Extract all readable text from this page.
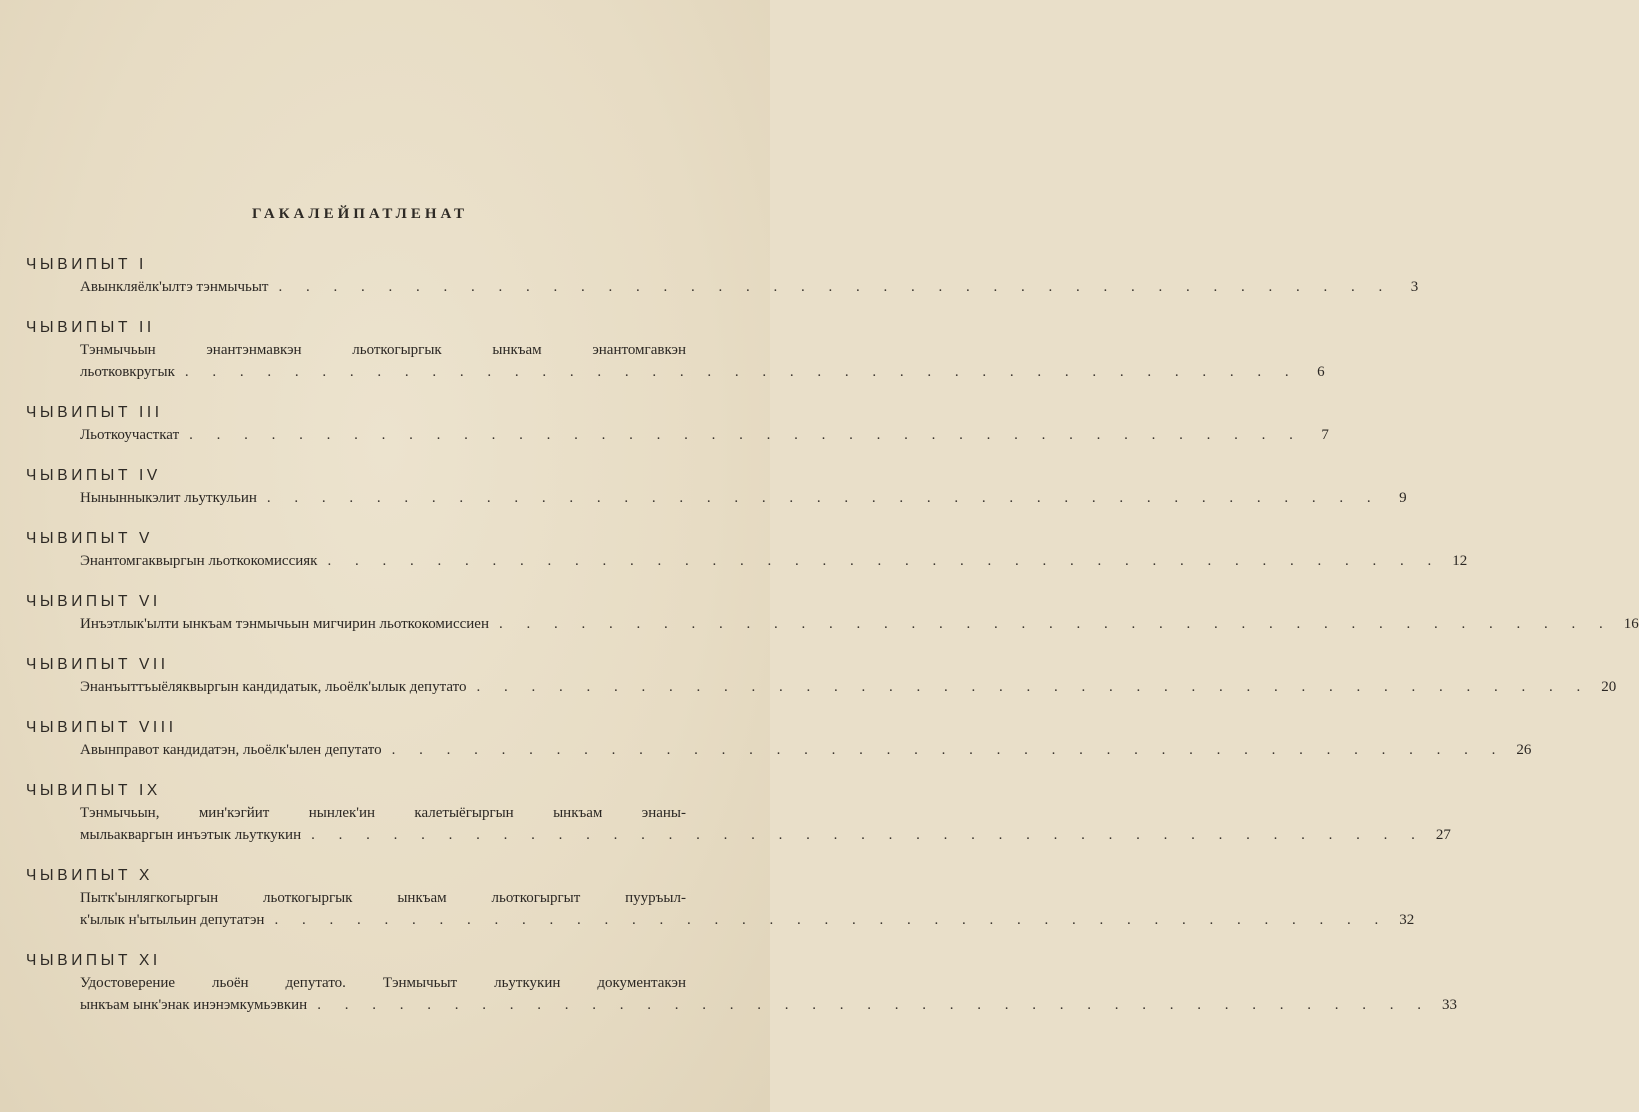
ГАКАЛЕЙПАТЛЕНАТ
ЧЫВИПЫТ I
Авынкляёлк'ылтэ тэнмычьыт . . . . . . . . . . . . . . . . . . . . . . . . . . . . . . . . . . . . . . . . .	3
ЧЫВИПЫТ II
Тэнмычьын энантэнмавкэн льоткогыргык ынкъам энантомгавкэн
льотковкругык . . . . . . . . . . . . . . . . . . . . . . . . . . . . . . . . . . . . . . . . .	6
ЧЫВИПЫТ III
Льоткоучасткат . . . . . . . . . . . . . . . . . . . . . . . . . . . . . . . . . . . . . . . . .	7
ЧЫВИПЫТ IV
Нынынныкэлит льуткульин . . . . . . . . . . . . . . . . . . . . . . . . . . . . . . . . . . . . . . . . .	9
ЧЫВИПЫТ V
Энантомгаквыргын льоткокомиссияк . . . . . . . . . . . . . . . . . . . . . . . . . . . . . . . . . . . . . . . . . 12
ЧЫВИПЫТ VI
Инъэтлык'ылти ынкъам тэнмычьын мигчирин льоткокомиссиен . . . . . . . . . . . . . . . . . . . . . . . . . . . . . . . . . . . . . . . . . 16
ЧЫВИПЫТ VII
Энанъыттъыёляквыргын кандидатык, льоёлк'ылык депутато . . . . . . . . . . . . . . . . . . . . . . . . . . . . . . . . . . . . . . . . . 20
ЧЫВИПЫТ VIII
Авынправот кандидатэн, льоёлк'ылен депутато . . . . . . . . . . . . . . . . . . . . . . . . . . . . . . . . . . . . . . . . . 26
ЧЫВИПЫТ IX
Тэнмычьын, мин'кэгйит нынлек'ин калетыёгыргын ынкъам энаны-
мыльакваргын инъэтык льуткукин . . . . . . . . . . . . . . . . . . . . . . . . . . . . . . . . . . . . . . . . . 27
ЧЫВИПЫТ X
Пытк'ынлягкогыргын льоткогыргык ынкъам льоткогыргыт пууръыл-
к'ылык н'ытыльин депутатэн . . . . . . . . . . . . . . . . . . . . . . . . . . . . . . . . . . . . . . . . . 32
ЧЫВИПЫТ XI
Удостоверение льоён депутато. Тэнмычьыт льуткукин документакэн
ынкъам ынк'энак инэнэмкумьэвкин . . . . . . . . . . . . . . . . . . . . . . . . . . . . . . . . . . . . . . . . . 33
